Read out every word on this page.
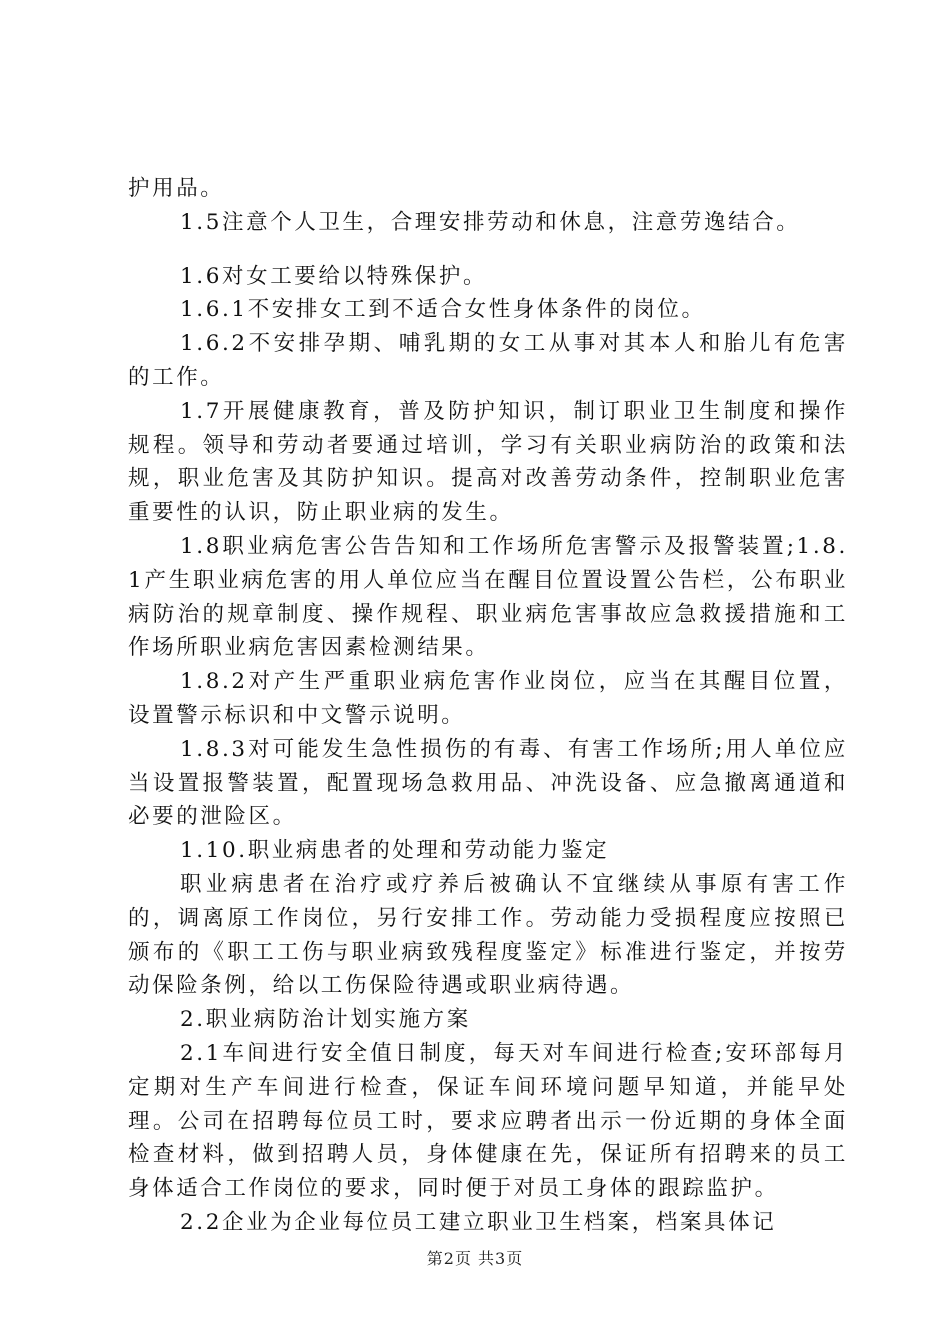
护用品。

1.5注意个人卫生，合理安排劳动和休息，注意劳逸结合。

1.6对女工要给以特殊保护。

1.6.1不安排女工到不适合女性身体条件的岗位。

1.6.2不安排孕期、哺乳期的女工从事对其本人和胎儿有危害的工作。

1.7开展健康教育，普及防护知识，制订职业卫生制度和操作规程。领导和劳动者要通过培训，学习有关职业病防治的政策和法规，职业危害及其防护知识。提高对改善劳动条件，控制职业危害重要性的认识，防止职业病的发生。

1.8职业病危害公告告知和工作场所危害警示及报警装置;1.8.1产生职业病危害的用人单位应当在醒目位置设置公告栏，公布职业病防治的规章制度、操作规程、职业病危害事故应急救援措施和工作场所职业病危害因素检测结果。

1.8.2对产生严重职业病危害作业岗位，应当在其醒目位置，设置警示标识和中文警示说明。

1.8.3对可能发生急性损伤的有毒、有害工作场所;用人单位应当设置报警装置，配置现场急救用品、冲洗设备、应急撤离通道和必要的泄险区。

1.10.职业病患者的处理和劳动能力鉴定

职业病患者在治疗或疗养后被确认不宜继续从事原有害工作的，调离原工作岗位，另行安排工作。劳动能力受损程度应按照已颁布的《职工工伤与职业病致残程度鉴定》标准进行鉴定，并按劳动保险条例，给以工伤保险待遇或职业病待遇。

2.职业病防治计划实施方案

2.1车间进行安全值日制度，每天对车间进行检查;安环部每月定期对生产车间进行检查，保证车间环境问题早知道，并能早处理。公司在招聘每位员工时，要求应聘者出示一份近期的身体全面检查材料，做到招聘人员，身体健康在先，保证所有招聘来的员工身体适合工作岗位的要求，同时便于对员工身体的跟踪监护。

2.2企业为企业每位员工建立职业卫生档案，档案具体记

第2页 共3页
